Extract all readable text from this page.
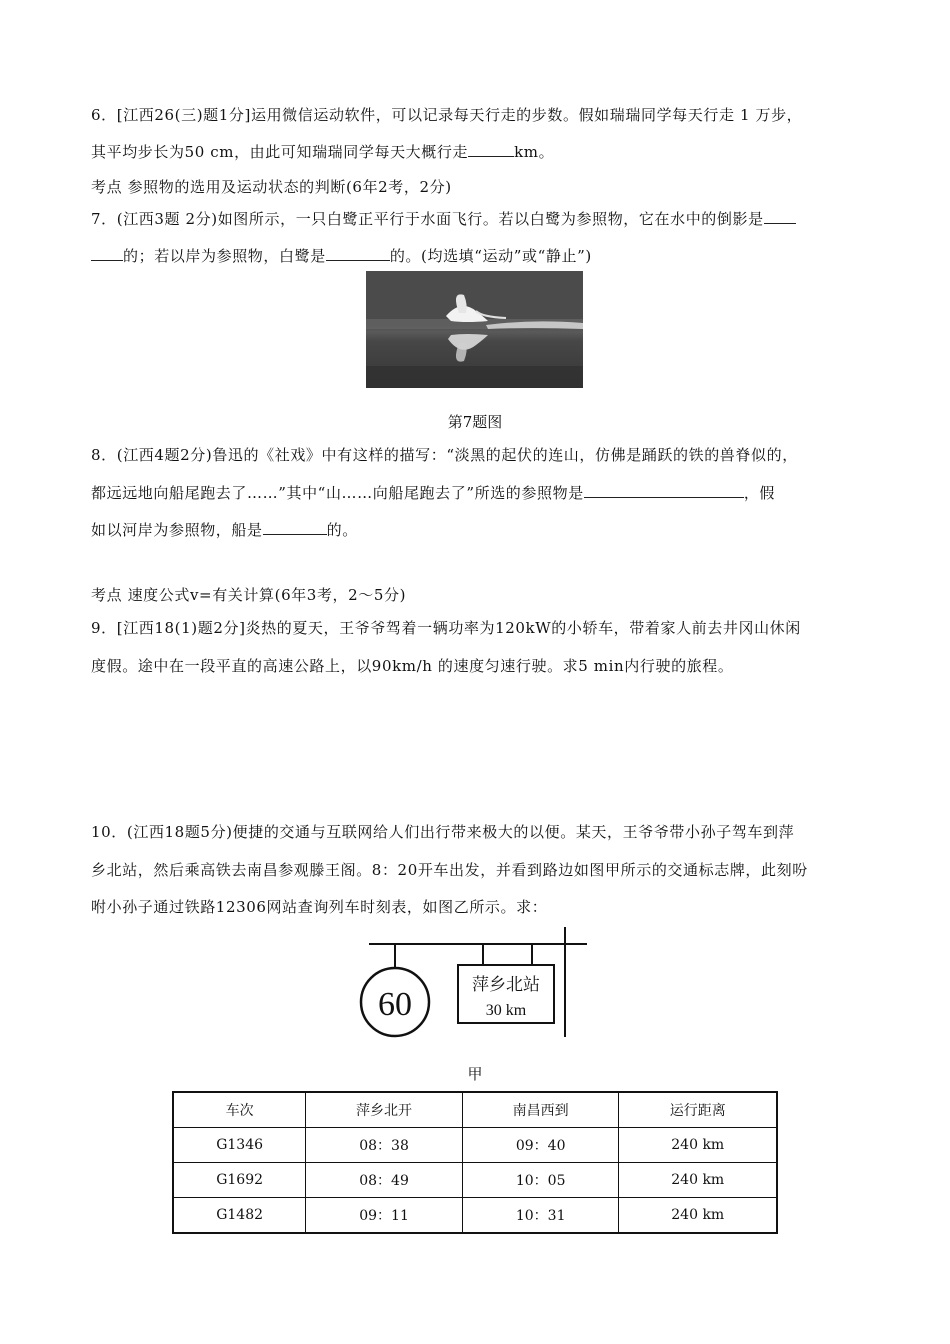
6．[江西26(三)题1分]运用微信运动软件，可以记录每天行走的步数。假如瑞瑞同学每天行走 1 万步，
其平均步长为50 cm，由此可知瑞瑞同学每天大概行走	km。
考点 参照物的选用及运动状态的判断(6年2考，2分)
7．(江西3题 2分)如图所示，一只白鹭正平行于水面飞行。若以白鹭为参照物，它在水中的倒影是
的；若以岸为参照物，白鹭是	的。(均选填“运动”或“静止”)
第7题图
8．(江西4题2分)鲁迅的《社戏》中有这样的描写：“淡黑的起伏的连山，仿佛是踊跃的铁的兽脊似的，
都远远地向船尾跑去了……”其中“山……向船尾跑去了”所选的参照物是	，假
如以河岸为参照物，船是	的。
考点 速度公式v=有关计算(6年3考，2～5分)
9．[江西18(1)题2分]炎热的夏天，王爷爷驾着一辆功率为120kW的小轿车，带着家人前去井冈山休闲
度假。途中在一段平直的高速公路上，以90km/h 的速度匀速行驶。求5 min内行驶的旅程。
10．(江西18题5分)便捷的交通与互联网给人们出行带来极大的以便。某天，王爷爷带小孙子驾车到萍
乡北站，然后乘高铁去南昌参观滕王阁。8：20开车出发，并看到路边如图甲所示的交通标志牌，此刻吩
咐小孙子通过铁路12306网站查询列车时刻表，如图乙所示。求：
60
萍乡北站
30 km
甲
车次	萍乡北开	南昌西到	运行距离
G1346	08：38	09：40	240 km
G1692	08：49	10：05	240 km
G1482	09：11	10：31	240 km
